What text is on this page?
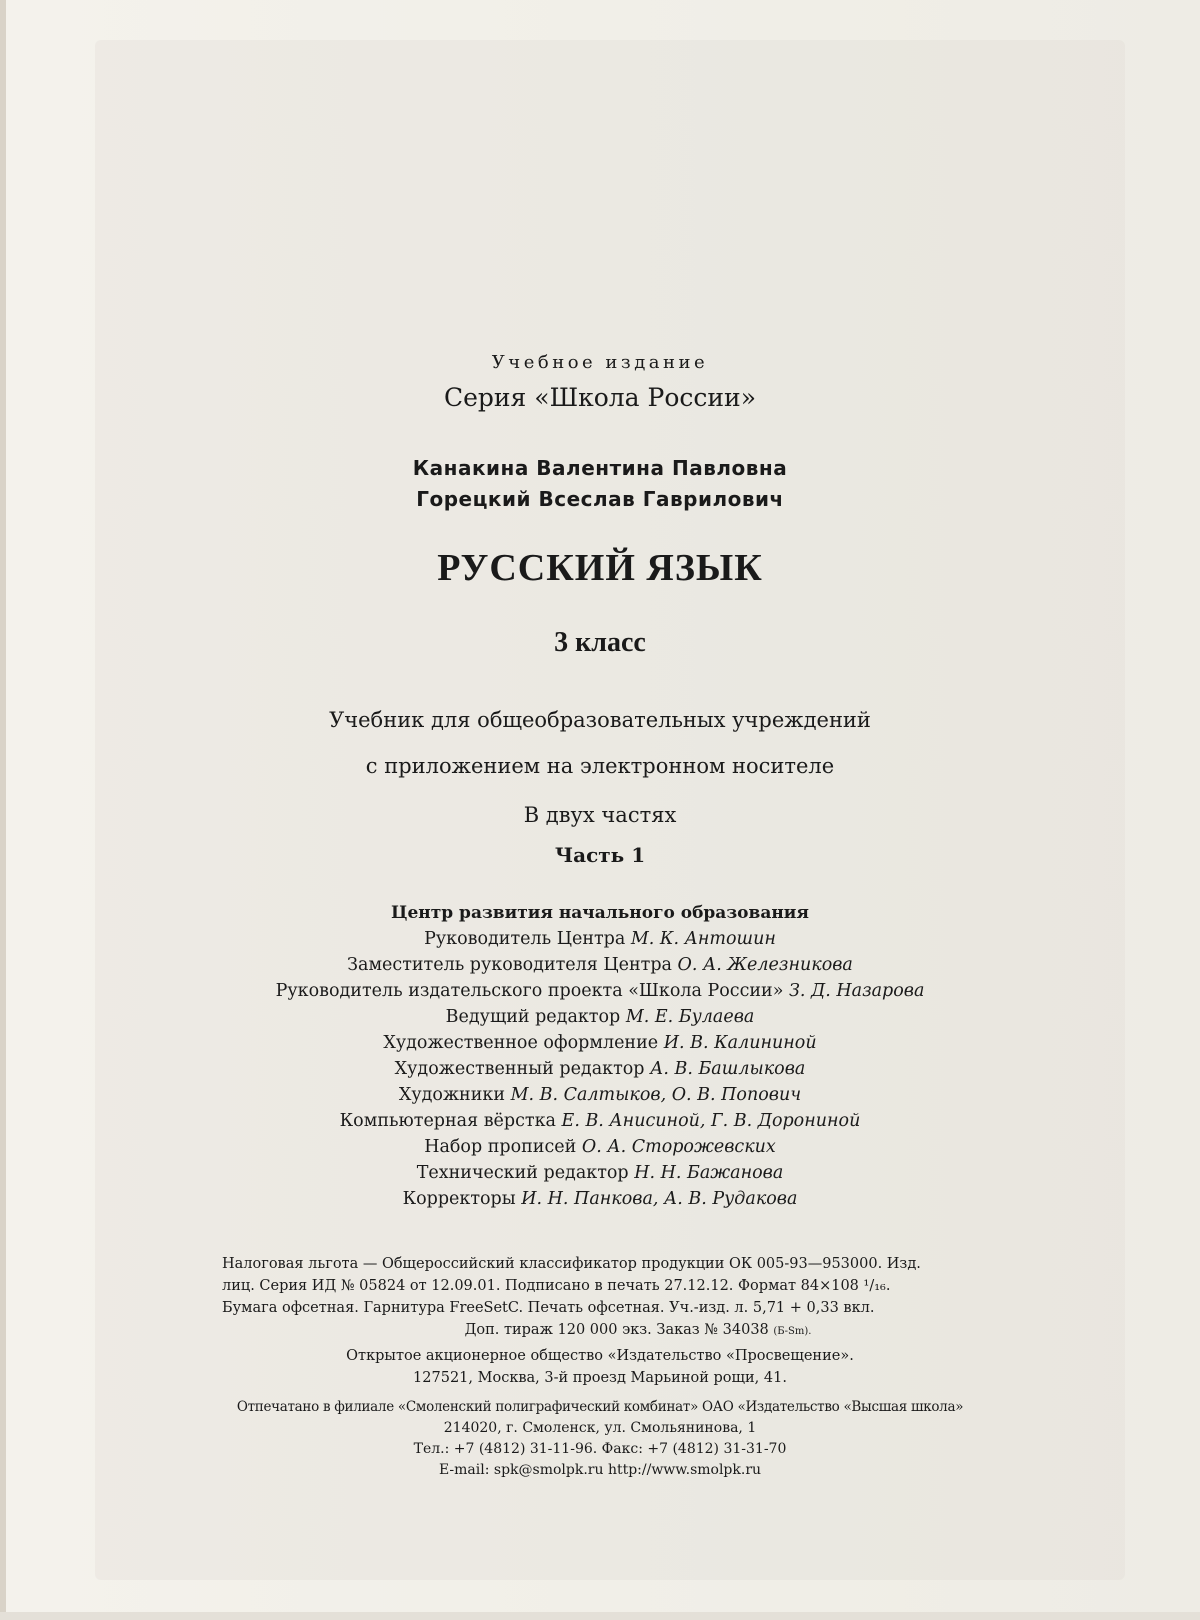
Учебное издание
Серия «Школа России»
Канакина Валентина Павловна
Горецкий Всеслав Гаврилович
РУССКИЙ ЯЗЫК
3 класс
Учебник для общеобразовательных учреждений
с приложением на электронном носителе
В двух частях
Часть 1
Центр развития начального образования
Руководитель Центра М. К. Антошин
Заместитель руководителя Центра О. А. Железникова
Руководитель издательского проекта «Школа России» З. Д. Назарова
Ведущий редактор М. Е. Булаева
Художественное оформление И. В. Калининой
Художественный редактор А. В. Башлыкова
Художники М. В. Салтыков, О. В. Попович
Компьютерная вёрстка Е. В. Анисиной, Г. В. Дорониной
Набор прописей О. А. Сторожевских
Технический редактор Н. Н. Бажанова
Корректоры И. Н. Панкова, А. В. Рудакова
Налоговая льгота — Общероссийский классификатор продукции ОК 005-93—953000. Изд.
лиц. Серия ИД № 05824 от 12.09.01. Подписано в печать 27.12.12. Формат 84×108 ¹/₁₆.
Бумага офсетная. Гарнитура FreeSetC. Печать офсетная. Уч.-изд. л. 5,71 + 0,33 вкл.
Доп. тираж 120 000 экз. Заказ № 34038 (Б-Sm).
Открытое акционерное общество «Издательство «Просвещение».
127521, Москва, 3-й проезд Марьиной рощи, 41.
Отпечатано в филиале «Смоленский полиграфический комбинат» ОАО «Издательство «Высшая школа»
214020, г. Смоленск, ул. Смольянинова, 1
Тел.: +7 (4812) 31-11-96. Факс: +7 (4812) 31-31-70
E-mail: spk@smolpk.ru http://www.smolpk.ru
